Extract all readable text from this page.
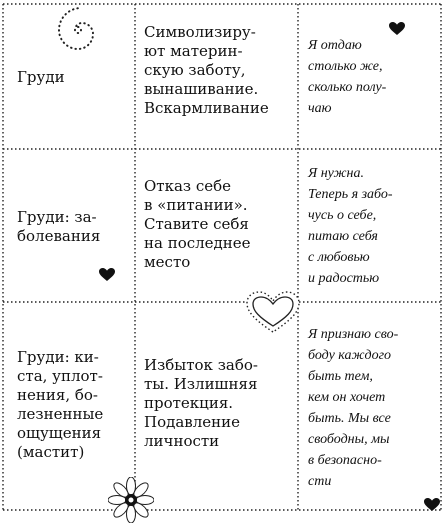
Груди
Символизиру-
ют материн-
скую заботу,
вынашивание.
Вскармливание
Я отдаю
столько же,
сколько полу-
чаю
Груди: за-
болевания
Отказ себе
в «питании».
Ставите себя
на последнее
место
Я нужна.
Теперь я забо-
чусь о себе,
питаю себя
с любовью
и радостью
Груди: ки-
ста, уплот-
нения, бо-
лезненные
ощущения
(мастит)
Избыток забо-
ты. Излишняя
протекция.
Подавление
личности
Я признаю сво-
боду каждого
быть тем,
кем он хочет
быть. Мы все
свободны, мы
в безопасно-
сти
